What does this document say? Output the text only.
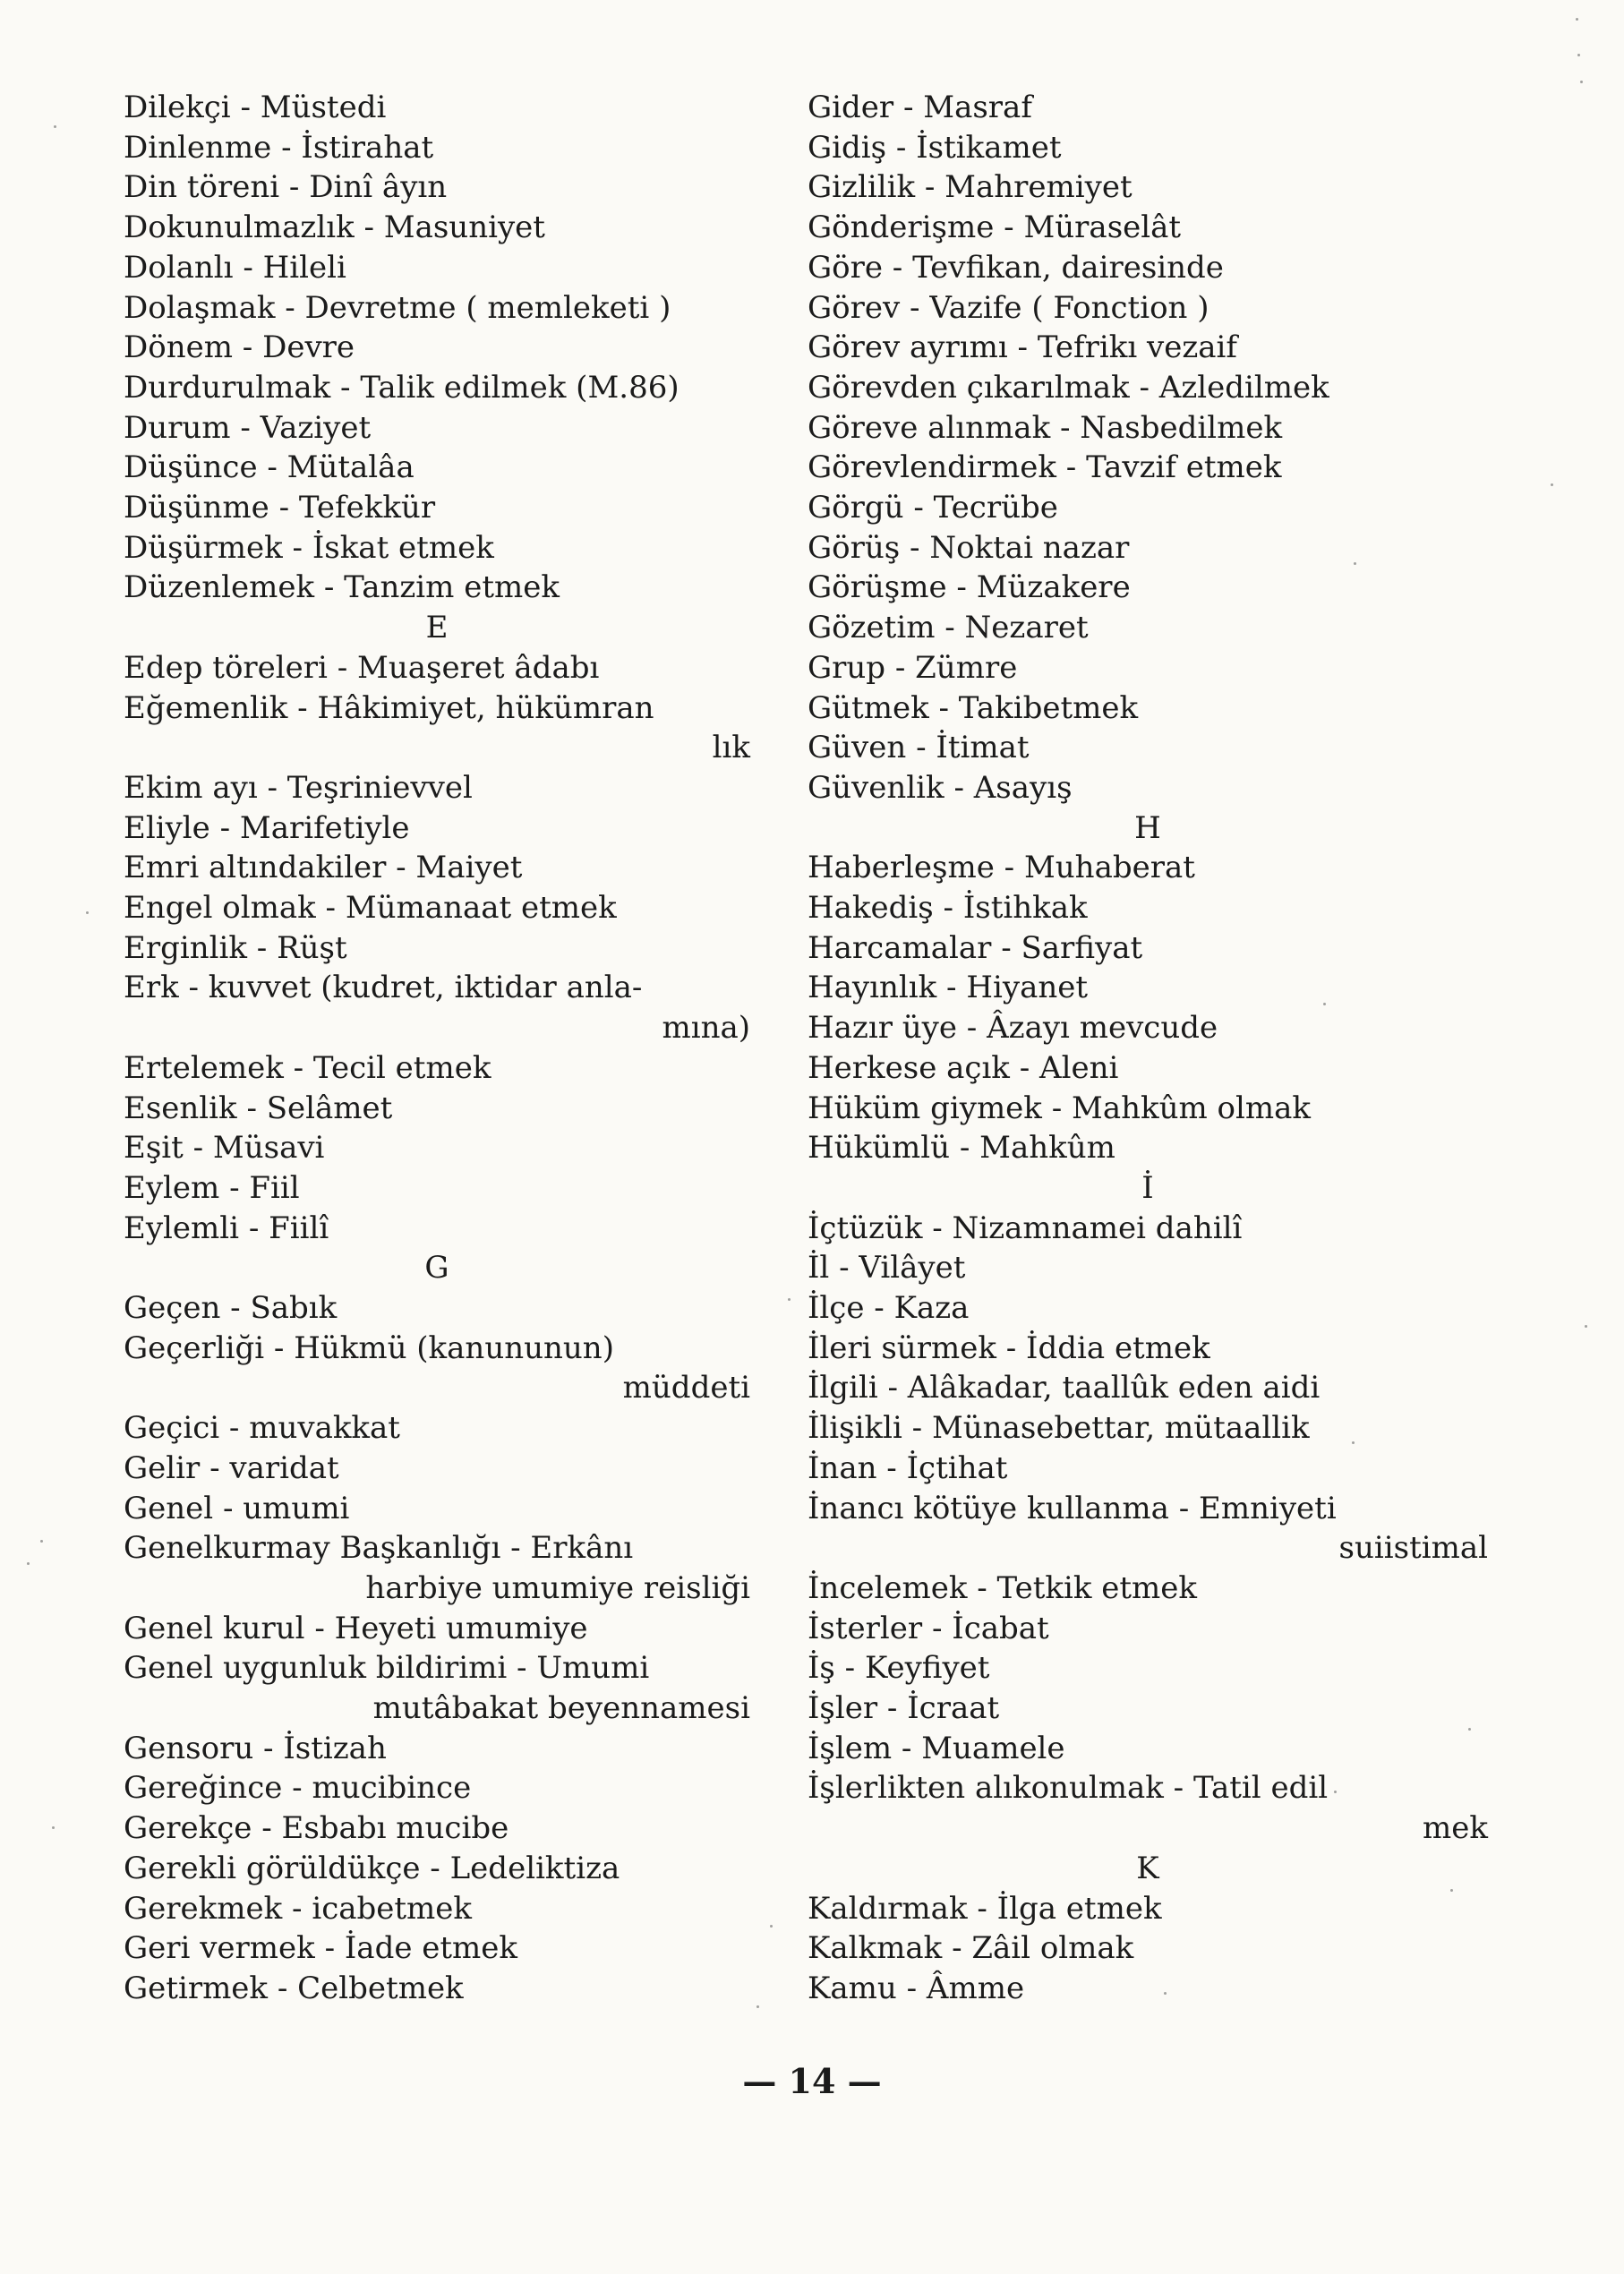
Dilekçi - Müstedi
Dinlenme - İstirahat
Din töreni - Dinî âyın
Dokunulmazlık - Masuniyet
Dolanlı - Hileli
Dolaşmak - Devretme ( memleketi )
Dönem - Devre
Durdurulmak - Talik edilmek (M.86)
Durum - Vaziyet
Düşünce - Mütalâa
Düşünme - Tefekkür
Düşürmek - İskat etmek
Düzenlemek - Tanzim etmek
E
Edep töreleri - Muaşeret âdabı
Eğemenlik - Hâkimiyet, hükümran
lık
Ekim ayı - Teşrinievvel
Eliyle - Marifetiyle
Emri altındakiler - Maiyet
Engel olmak - Mümanaat etmek
Erginlik - Rüşt
Erk - kuvvet (kudret, iktidar anla-
mına)
Ertelemek - Tecil etmek
Esenlik - Selâmet
Eşit - Müsavi
Eylem - Fiil
Eylemli - Fiilî
G
Geçen - Sabık
Geçerliği - Hükmü (kanununun)
müddeti
Geçici - muvakkat
Gelir - varidat
Genel - umumi
Genelkurmay Başkanlığı - Erkânı
harbiye umumiye reisliği
Genel kurul - Heyeti umumiye
Genel uygunluk bildirimi - Umumi
mutâbakat beyennamesi
Gensoru - İstizah
Gereğince - mucibince
Gerekçe - Esbabı mucibe
Gerekli görüldükçe - Ledeliktiza
Gerekmek - icabetmek
Geri vermek - İade etmek
Getirmek - Celbetmek
Gider - Masraf
Gidiş - İstikamet
Gizlilik - Mahremiyet
Gönderişme - Müraselât
Göre - Tevfikan, dairesinde
Görev - Vazife ( Fonction )
Görev ayrımı - Tefrikı vezaif
Görevden çıkarılmak - Azledilmek
Göreve alınmak - Nasbedilmek
Görevlendirmek - Tavzif etmek
Görgü - Tecrübe
Görüş - Noktai nazar
Görüşme - Müzakere
Gözetim - Nezaret
Grup - Zümre
Gütmek - Takibetmek
Güven - İtimat
Güvenlik - Asayış
H
Haberleşme - Muhaberat
Hakediş - İstihkak
Harcamalar - Sarfiyat
Hayınlık - Hiyanet
Hazır üye - Âzayı mevcude
Herkese açık - Aleni
Hüküm giymek - Mahkûm olmak
Hükümlü - Mahkûm
İ
İçtüzük - Nizamnamei dahilî
İl - Vilâyet
İlçe - Kaza
İleri sürmek - İddia etmek
İlgili - Alâkadar, taallûk eden aidi
İlişikli - Münasebettar, mütaallik
İnan - İçtihat
İnancı kötüye kullanma - Emniyeti
suiistimal
İncelemek - Tetkik etmek
İsterler - İcabat
İş - Keyfiyet
İşler - İcraat
İşlem - Muamele
İşlerlikten alıkonulmak - Tatil edil
mek
K
Kaldırmak - İlga etmek
Kalkmak - Zâil olmak
Kamu - Âmme
— 14 —
